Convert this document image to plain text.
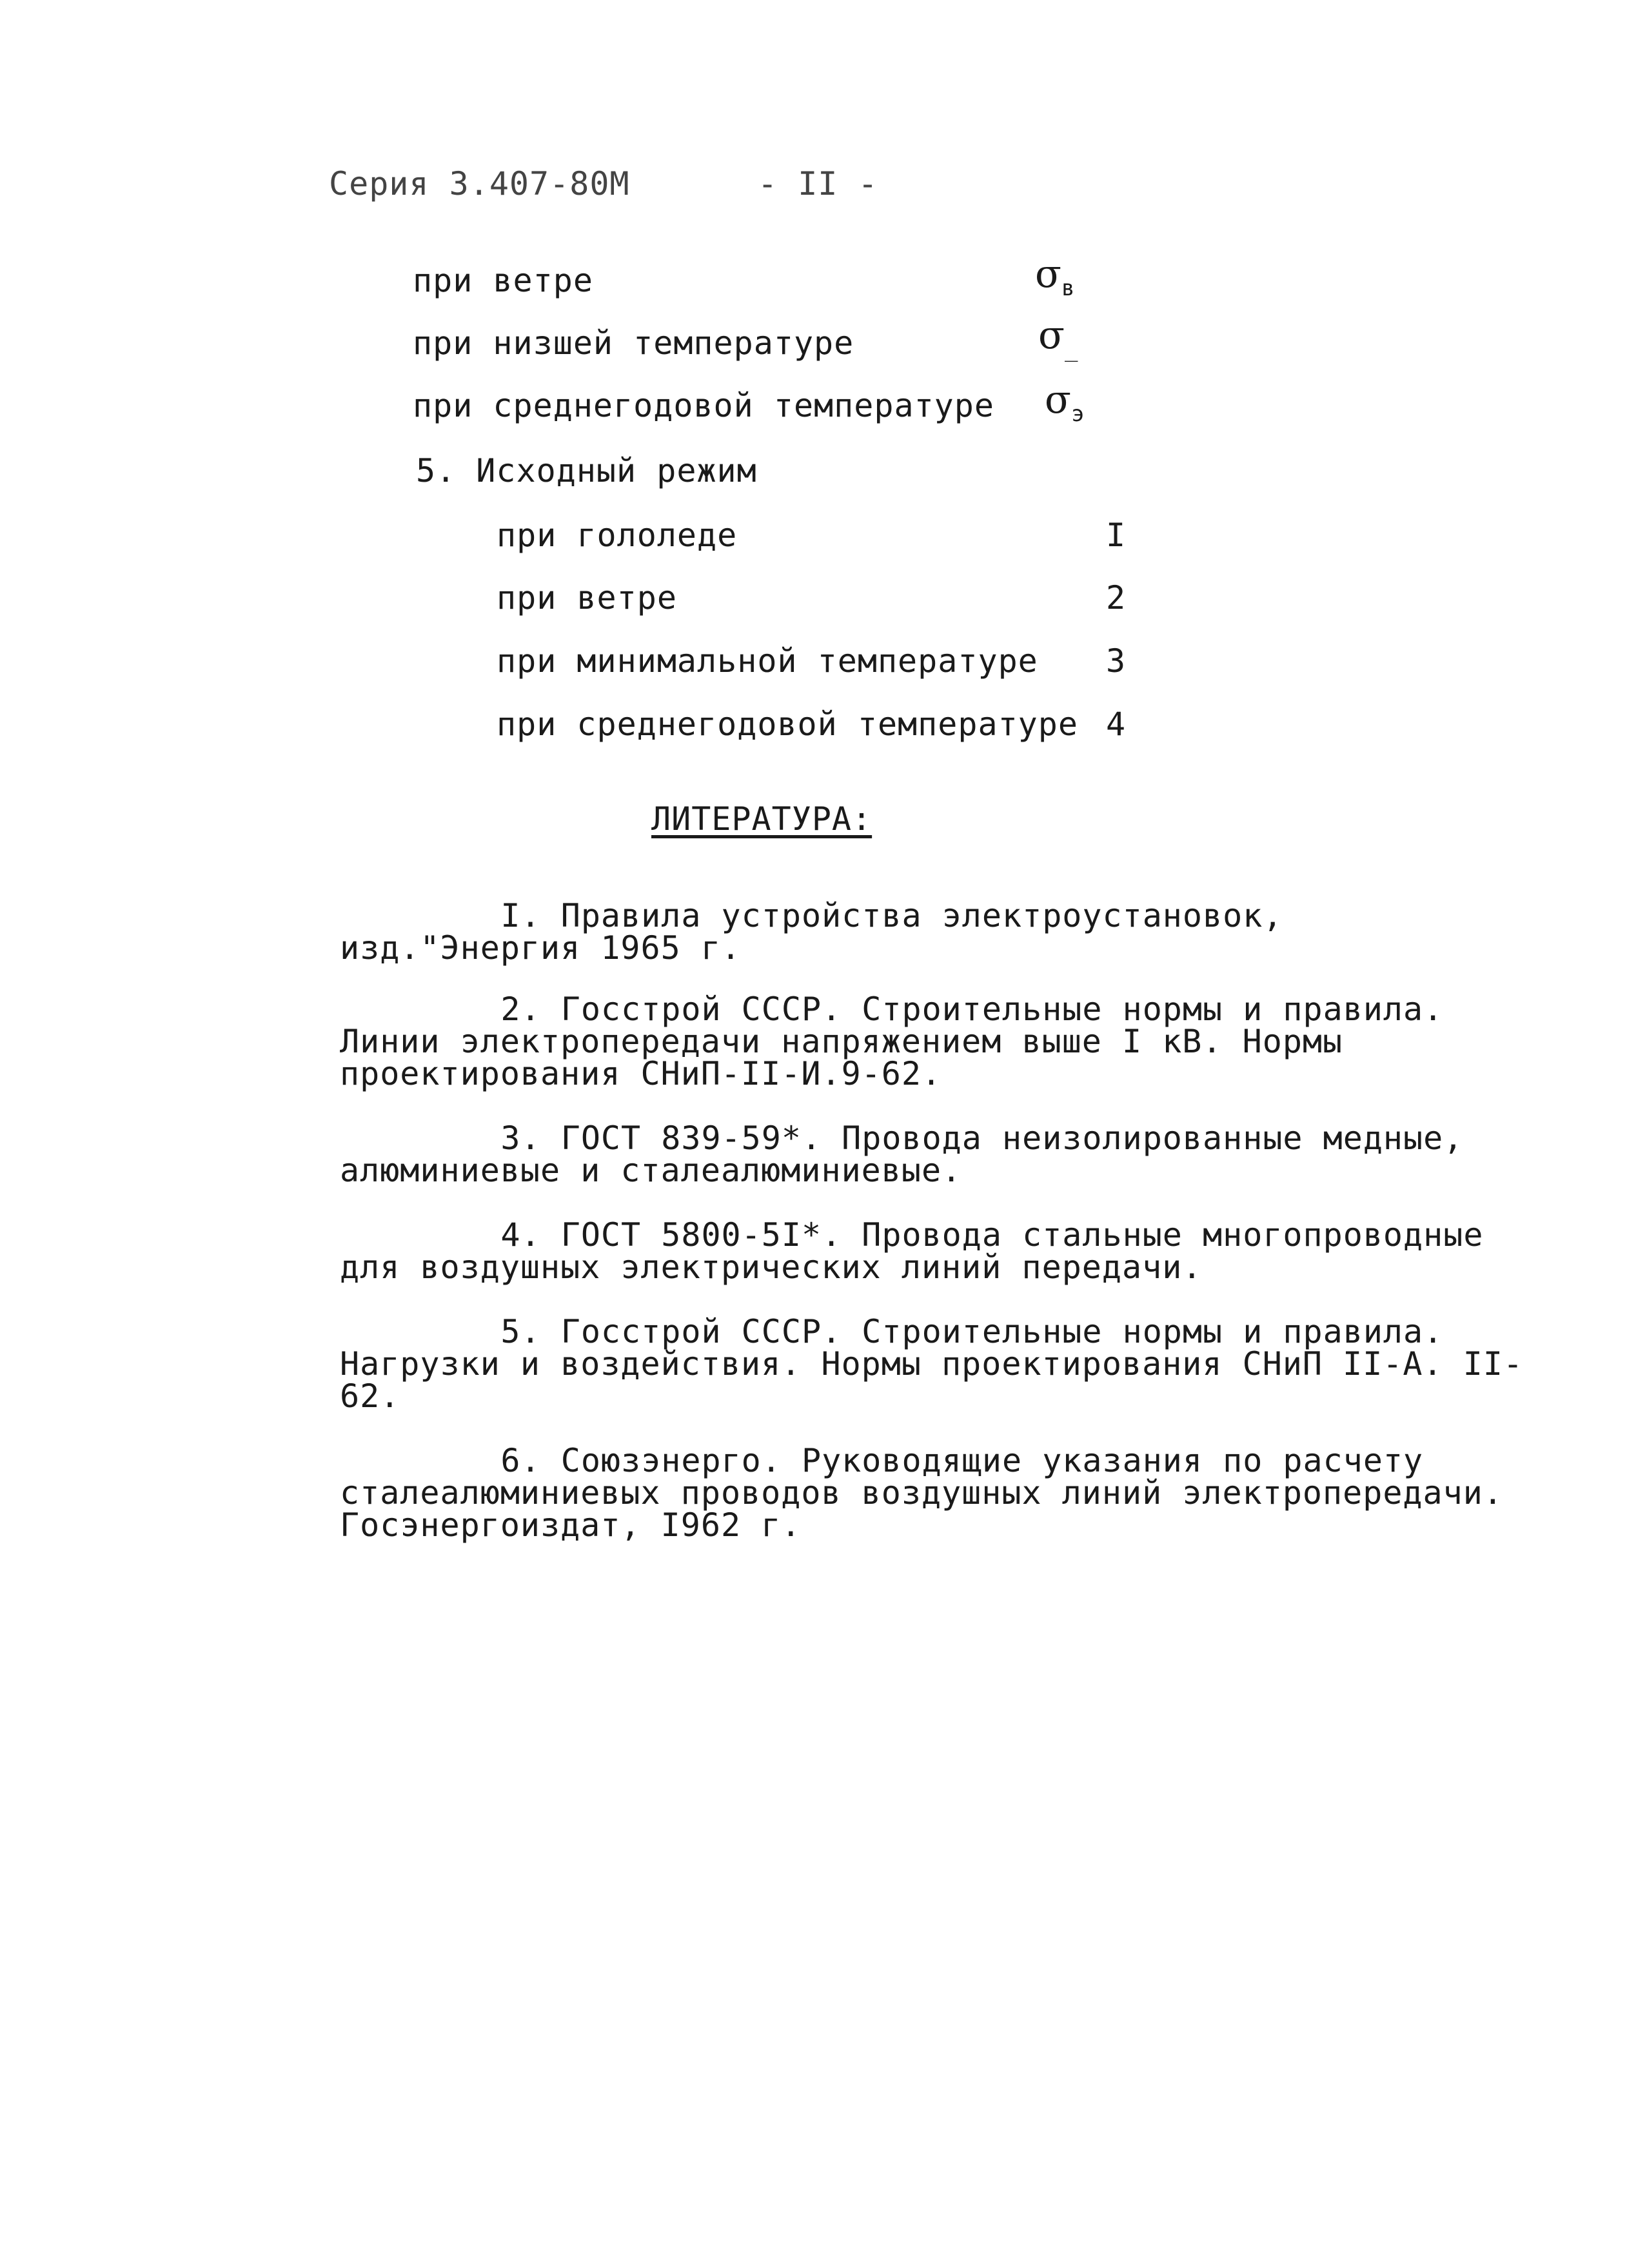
Серия 3.407-80М	- II -
при ветре	$\sigma_в$
при низшей температуре	$\sigma_{\_}$
при среднегодовой температуре $\sigma_э$
5. Исходный режим
при гололеде	I
при ветре	2
при минимальной температуре 3
при среднегодовой температуре 4
ЛИТЕРАТУРА:

I. Правила устройства электроустановок, изд."Энергия 1965 г.

2. Госстрой СССР. Строительные нормы и правила. Линии электропередачи напряжением выше I кВ. Нормы проектирования СНиП-II-И.9-62.

3. ГОСТ 839-59*. Провода неизолированные медные, алюминиевые и сталеалюминиевые.

4. ГОСТ 5800-5I*. Провода стальные многопроводные для воздушных электрических линий передачи.

5. Госстрой СССР. Строительные нормы и правила. Нагрузки и воздействия. Нормы проектирования СНиП II-А. II-62.

6. Союзэнерго. Руководящие указания по расчету сталеалюминиевых проводов воздушных линий электропередачи. Госэнергоиздат, I962 г.
